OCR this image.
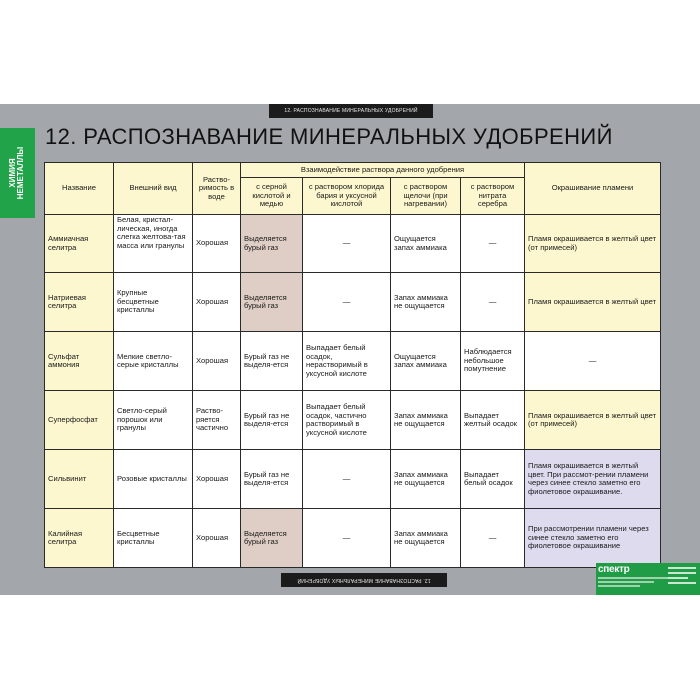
12. РАСПОЗНАВАНИЕ МИНЕРАЛЬНЫХ УДОБРЕНИЙ
ХИМИЯ НЕМЕТАЛЛЫ
12. РАСПОЗНАВАНИЕ МИНЕРАЛЬНЫХ УДОБРЕНИЙ
Название	Внешний вид	Раство-римость в воде	Взаимодействие раствора данного удобрения				Окрашивание пламени
			с серной кислотой и медью	с раствором хлорида бария и уксусной кислотой	с раствором щелочи (при нагревании)	с раствором нитрата серебра	
Аммиачная селитра	Белая, кристал-лическая, иногда слегка желтова-тая масса или гранулы	Хорошая	Выделяется бурый газ	—	Ощущается запах аммиака	—	Пламя окрашивается в желтый цвет (от примесей)
Натриевая селитра	Крупные бесцветные кристаллы	Хорошая	Выделяется бурый газ	—	Запах аммиака не ощущается	—	Пламя окрашивается в желтый цвет
Сульфат аммония	Мелкие светло-серые кристаллы	Хорошая	Бурый газ не выделя-ется	Выпадает белый осадок, нерастворимый в уксусной кислоте	Ощущается запах аммиака	Наблюдается небольшое помутнение	—
Суперфосфат	Светло-серый порошок или гранулы	Раство-ряется частично	Бурый газ не выделя-ется	Выпадает белый осадок, частично растворимый в уксусной кислоте	Запах аммиака не ощущается	Выпадает желтый осадок	Пламя окрашивается в желтый цвет (от примесей)
Сильвинит	Розовые кристаллы	Хорошая	Бурый газ не выделя-ется	—	Запах аммиака не ощущается	Выпадает белый осадок	Пламя окрашивается в желтый цвет. При рассмот-рении пламени через синее стекло заметно его фиолетовое окрашивание.
Калийная селитра	Бесцветные кристаллы	Хорошая	Выделяется бурый газ	—	Запах аммиака не ощущается	—	При рассмотрении пламени через синее стекло заметно его фиолетовое окрашивание
12. РАСПОЗНАВАНИЕ МИНЕРАЛЬНЫХ УДОБРЕНИЙ
спектр
